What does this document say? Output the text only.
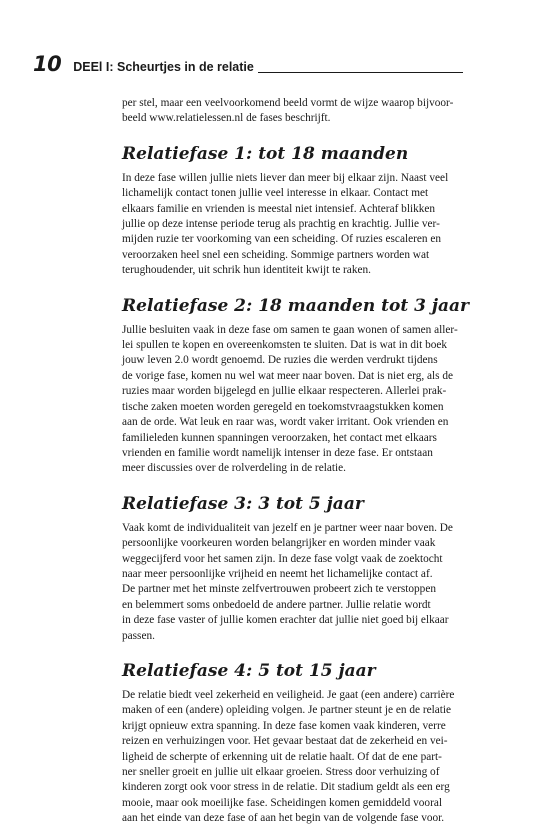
10 DEEl I: Scheurtjes in de relatie

per stel, maar een veelvoorkomend beeld vormt de wijze waarop bijvoor-
beeld www.relatielessen.nl de fases beschrijft.

Relatiefase 1: tot 18 maanden

In deze fase willen jullie niets liever dan meer bij elkaar zijn. Naast veel
lichamelijk contact tonen jullie veel interesse in elkaar. Contact met
elkaars familie en vrienden is meestal niet intensief. Achteraf blikken
jullie op deze intense periode terug als prachtig en krachtig. Jullie ver-
mijden ruzie ter voorkoming van een scheiding. Of ruzies escaleren en
veroorzaken heel snel een scheiding. Sommige partners worden wat
terughoudender, uit schrik hun identiteit kwijt te raken.

Relatiefase 2: 18 maanden tot 3 jaar

Jullie besluiten vaak in deze fase om samen te gaan wonen of samen aller-
lei spullen te kopen en overeenkomsten te sluiten. Dat is wat in dit boek
jouw leven 2.0 wordt genoemd. De ruzies die werden verdrukt tijdens
de vorige fase, komen nu wel wat meer naar boven. Dat is niet erg, als de
ruzies maar worden bijgelegd en jullie elkaar respecteren. Allerlei prak-
tische zaken moeten worden geregeld en toekomstvraagstukken komen
aan de orde. Wat leuk en raar was, wordt vaker irritant. Ook vrienden en
familieleden kunnen spanningen veroorzaken, het contact met elkaars
vrienden en familie wordt namelijk intenser in deze fase. Er ontstaan
meer discussies over de rolverdeling in de relatie.

Relatiefase 3: 3 tot 5 jaar

Vaak komt de individualiteit van jezelf en je partner weer naar boven. De
persoonlijke voorkeuren worden belangrijker en worden minder vaak
weggecijferd voor het samen zijn. In deze fase volgt vaak de zoektocht
naar meer persoonlijke vrijheid en neemt het lichamelijke contact af.
De partner met het minste zelfvertrouwen probeert zich te verstoppen
en belemmert soms onbedoeld de andere partner. Jullie relatie wordt
in deze fase vaster of jullie komen erachter dat jullie niet goed bij elkaar
passen.

Relatiefase 4: 5 tot 15 jaar

De relatie biedt veel zekerheid en veiligheid. Je gaat (een andere) carrière
maken of een (andere) opleiding volgen. Je partner steunt je en de relatie
krijgt opnieuw extra spanning. In deze fase komen vaak kinderen, verre
reizen en verhuizingen voor. Het gevaar bestaat dat de zekerheid en vei-
ligheid de scherpte of erkenning uit de relatie haalt. Of dat de ene part-
ner sneller groeit en jullie uit elkaar groeien. Stress door verhuizing of
kinderen zorgt ook voor stress in de relatie. Dit stadium geldt als een erg
mooie, maar ook moeilijke fase. Scheidingen komen gemiddeld vooral
aan het einde van deze fase of aan het begin van de volgende fase voor.
